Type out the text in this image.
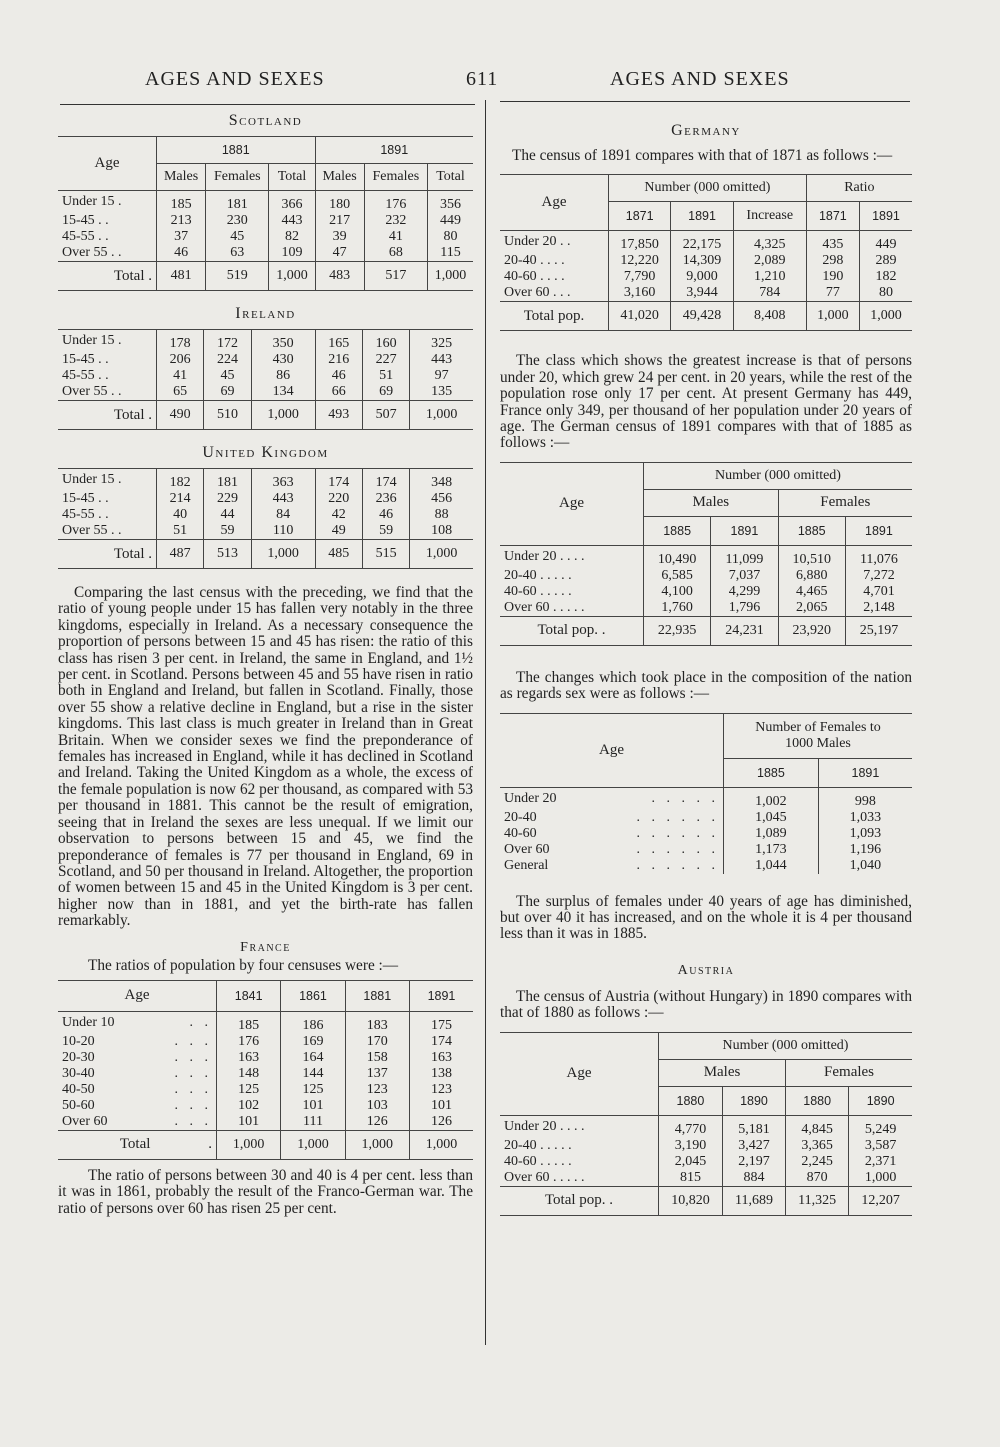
AGES AND SEXES	611	AGES AND SEXES
Scotland
Age	1881			1891		
	Males	Females	Total	Males	Females	Total
Under 15 .	185	181	366	180	176	356
15-45 . .	213	230	443	217	232	449
45-55 . .	37	45	82	39	41	80
Over 55 . .	46	63	109	47	68	115
Total .	481	519	1,000	483	517	1,000
Ireland
Under 15 .	178	172	350	165	160	325
15-45 . .	206	224	430	216	227	443
45-55 . .	41	45	86	46	51	97
Over 55 . .	65	69	134	66	69	135
Total .	490	510	1,000	493	507	1,000
United Kingdom
Under 15 .	182	181	363	174	174	348
15-45 . .	214	229	443	220	236	456
45-55 . .	40	44	84	42	46	88
Over 55 . .	51	59	110	49	59	108
Total .	487	513	1,000	485	515	1,000

Comparing the last census with the preceding, we find that the ratio of young people under 15 has fallen very notably in the three kingdoms, especially in Ireland. As a necessary consequence the proportion of persons between 15 and 45 has risen: the ratio of this class has risen 3 per cent. in Ireland, the same in England, and 1½ per cent. in Scotland. Persons between 45 and 55 have risen in ratio both in England and Ireland, but fallen in Scotland. Finally, those over 55 show a relative decline in England, but a rise in the sister kingdoms. This last class is much greater in Ireland than in Great Britain. When we consider sexes we find the preponderance of females has increased in England, while it has declined in Scotland and Ireland. Taking the United Kingdom as a whole, the excess of the female population is now 62 per thousand, as compared with 53 per thousand in 1881. This cannot be the result of emigration, seeing that in Ireland the sexes are less unequal. If we limit our observation to persons between 15 and 45, we find the preponderance of females is 77 per thousand in England, 69 in Scotland, and 50 per thousand in Ireland. Altogether, the proportion of women between 15 and 45 in the United Kingdom is 3 per cent. higher now than in 1881, and yet the birth-rate has fallen remarkably.

France

The ratios of population by four censuses were :—

Age	1841	1861	1881	1891
Under 10 . .	185	186	183	175
10-20 . . .	176	169	170	174
20-30 . . .	163	164	158	163
30-40 . . .	148	144	137	138
40-50 . . .	125	125	123	123
50-60 . . .	102	101	103	101
Over 60 . . .	101	111	126	126
Total .	1,000	1,000	1,000	1,000

The ratio of persons between 30 and 40 is 4 per cent. less than it was in 1861, probably the result of the Franco-German war. The ratio of persons over 60 has risen 25 per cent.

Germany

The census of 1891 compares with that of 1871 as follows :—

Age	Number (000 omitted)			Ratio	
	1871	1891	Increase	1871	1891
Under 20 . .	17,850	22,175	4,325	435	449
20-40 . . . .	12,220	14,309	2,089	298	289
40-60 . . . .	7,790	9,000	1,210	190	182
Over 60 . . .	3,160	3,944	784	77	80
Total pop.	41,020	49,428	8,408	1,000	1,000

The class which shows the greatest increase is that of persons under 20, which grew 24 per cent. in 20 years, while the rest of the population rose only 17 per cent. At present Germany has 449, France only 349, per thousand of her population under 20 years of age. The German census of 1891 compares with that of 1885 as follows :—

Age	Number (000 omitted)			
	Males		Females	
	1885	1891	1885	1891
Under 20 . . . .	10,490	11,099	10,510	11,076
20-40 . . . . .	6,585	7,037	6,880	7,272
40-60 . . . . .	4,100	4,299	4,465	4,701
Over 60 . . . . .	1,760	1,796	2,065	2,148
Total pop. .	22,935	24,231	23,920	25,197

The changes which took place in the composition of the nation as regards sex were as follows :—

Age	Number of Females to 1000 Males	
	1885	1891
Under 20 . . . . .	1,002	998
20-40 . . . . . .	1,045	1,033
40-60 . . . . . .	1,089	1,093
Over 60 . . . . . .	1,173	1,196
General . . . . . .	1,044	1,040

The surplus of females under 40 years of age has diminished, but over 40 it has increased, and on the whole it is 4 per thousand less than it was in 1885.

Austria

The census of Austria (without Hungary) in 1890 compares with that of 1880 as follows :—

Age	Number (000 omitted)			
	Males		Females	
	1880	1890	1880	1890
Under 20 . . . .	4,770	5,181	4,845	5,249
20-40 . . . . .	3,190	3,427	3,365	3,587
40-60 . . . . .	2,045	2,197	2,245	2,371
Over 60 . . . . .	815	884	870	1,000
Total pop. .	10,820	11,689	11,325	12,207
